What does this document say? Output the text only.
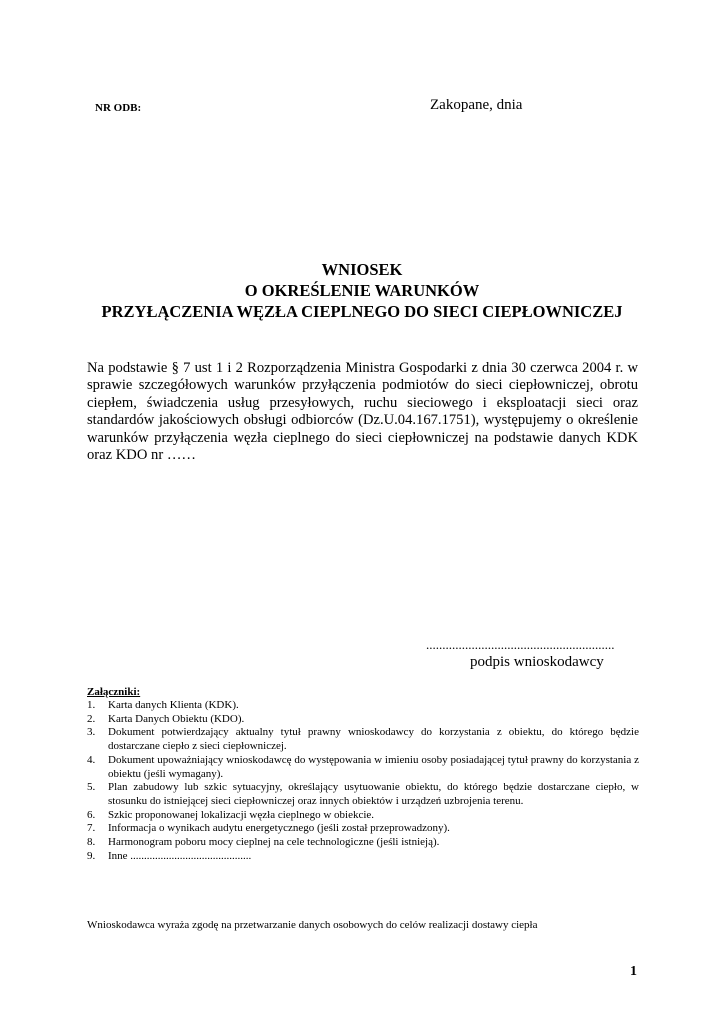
NR ODB:	Zakopane, dnia
WNIOSEK
O OKREŚLENIE WARUNKÓW
PRZYŁĄCZENIA WĘZŁA CIEPLNEGO DO SIECI CIEPŁOWNICZEJ
Na podstawie § 7 ust 1 i 2 Rozporządzenia Ministra Gospodarki z dnia 30 czerwca 2004 r. w sprawie szczegółowych warunków przyłączenia podmiotów do sieci ciepłowniczej, obrotu ciepłem, świadczenia usług przesyłowych, ruchu sieciowego i eksploatacji sieci oraz standardów jakościowych obsługi odbiorców (Dz.U.04.167.1751), występujemy o określenie warunków przyłączenia węzła cieplnego do sieci ciepłowniczej na podstawie danych KDK oraz KDO nr ……
..........................................................
podpis wnioskodawcy
Załączniki:
1. Karta danych Klienta (KDK).
2. Karta Danych Obiektu (KDO).
3. Dokument potwierdzający aktualny tytuł prawny wnioskodawcy do korzystania z obiektu, do którego będzie dostarczane ciepło z sieci ciepłowniczej.
4. Dokument upoważniający wnioskodawcę do występowania w imieniu osoby posiadającej tytuł prawny do korzystania z obiektu (jeśli wymagany).
5. Plan zabudowy lub szkic sytuacyjny, określający usytuowanie obiektu, do którego będzie dostarczane ciepło, w stosunku do istniejącej sieci ciepłowniczej oraz innych obiektów i urządzeń uzbrojenia terenu.
6. Szkic proponowanej lokalizacji węzła cieplnego w obiekcie.
7. Informacja o wynikach audytu energetycznego (jeśli został przeprowadzony).
8. Harmonogram poboru mocy cieplnej na cele technologiczne (jeśli istnieją).
9. Inne ............................................
Wnioskodawca wyraża zgodę na przetwarzanie danych osobowych do celów realizacji dostawy ciepła
1
